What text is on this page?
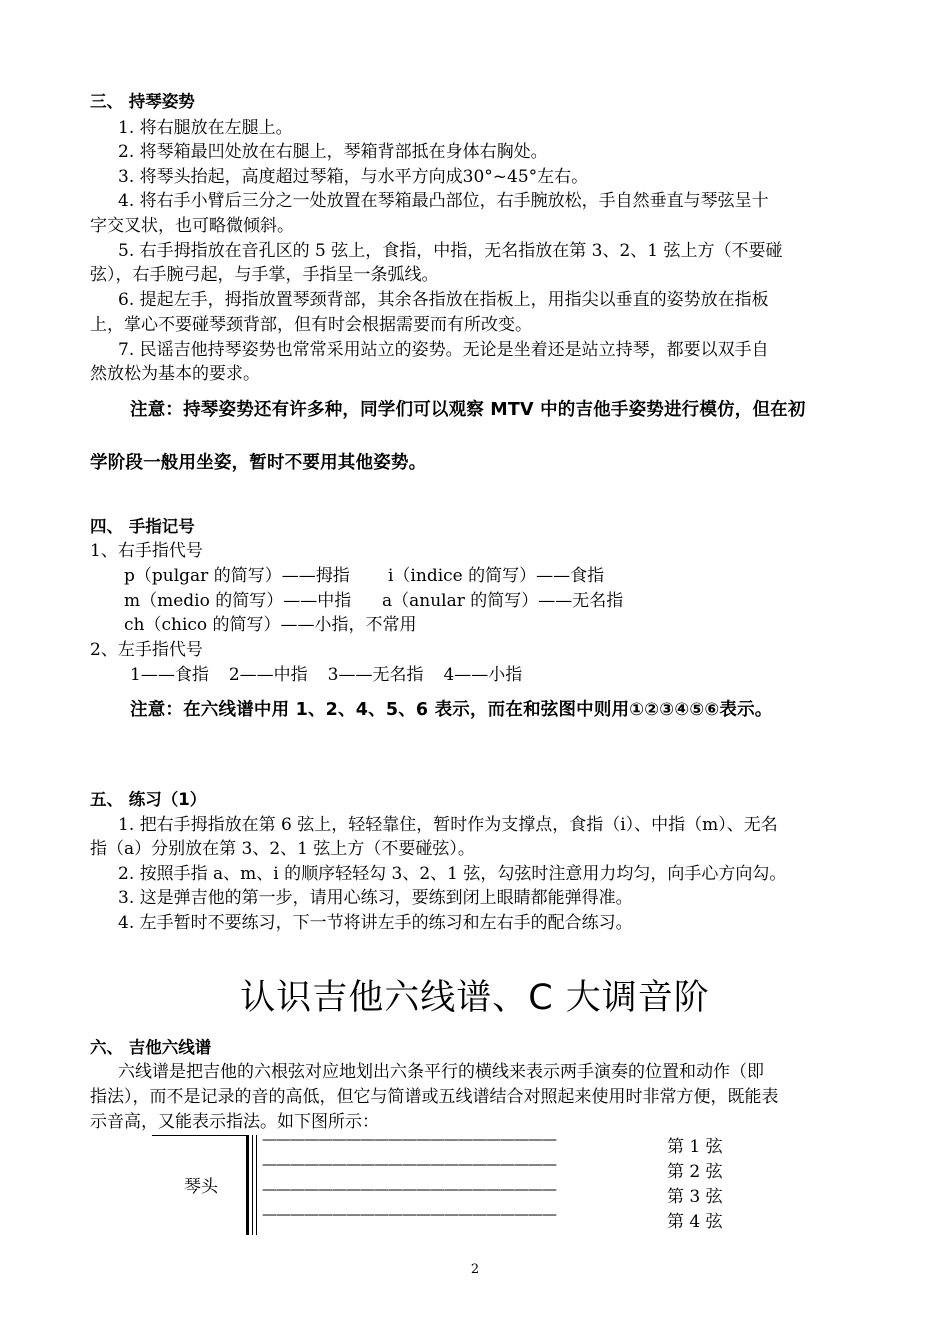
三、 持琴姿势
1. 将右腿放在左腿上。
2. 将琴箱最凹处放在右腿上，琴箱背部抵在身体右胸处。
3. 将琴头抬起，高度超过琴箱，与水平方向成30°~45°左右。
4. 将右手小臂后三分之一处放置在琴箱最凸部位，右手腕放松，手自然垂直与琴弦呈十
字交叉状，也可略微倾斜。
5. 右手拇指放在音孔区的 5 弦上，食指，中指，无名指放在第 3、2、1 弦上方（不要碰
弦），右手腕弓起，与手掌，手指呈一条弧线。
6. 提起左手，拇指放置琴颈背部，其余各指放在指板上，用指尖以垂直的姿势放在指板
上，掌心不要碰琴颈背部，但有时会根据需要而有所改变。
7. 民谣吉他持琴姿势也常常采用站立的姿势。无论是坐着还是站立持琴，都要以双手自
然放松为基本的要求。
注意：持琴姿势还有许多种，同学们可以观察 MTV 中的吉他手姿势进行模仿，但在初
学阶段一般用坐姿，暂时不要用其他姿势。
四、 手指记号
1、右手指代号
p（pulgar 的简写）——拇指 i（indice 的简写）——食指
m（medio 的简写）——中指 a（anular 的简写）——无名指
ch（chico 的简写）——小指，不常用
2、左手指代号
1——食指 2——中指 3——无名指 4——小指
注意：在六线谱中用 1、2、4、5、6 表示，而在和弦图中则用①②③④⑤⑥表示。
五、 练习（1）
1. 把右手拇指放在第 6 弦上，轻轻靠住，暂时作为支撑点，食指（i）、中指（m）、无名
指（a）分别放在第 3、2、1 弦上方（不要碰弦）。
2. 按照手指 a、m、i 的顺序轻轻勾 3、2、1 弦，勾弦时注意用力均匀，向手心方向勾。
3. 这是弹吉他的第一步，请用心练习，要练到闭上眼睛都能弹得准。
4. 左手暂时不要练习，下一节将讲左手的练习和左右手的配合练习。
认识吉他六线谱、C 大调音阶
六、 吉他六线谱
六线谱是把吉他的六根弦对应地划出六条平行的横线来表示两手演奏的位置和动作（即
指法），而不是记录的音的高低，但它与简谱或五线谱结合对照起来使用时非常方便，既能表
示音高，又能表示指法。如下图所示：
琴头
—————————————————————
—————————————————————
—————————————————————
—————————————————————
第 1 弦
第 2 弦
第 3 弦
第 4 弦
2
